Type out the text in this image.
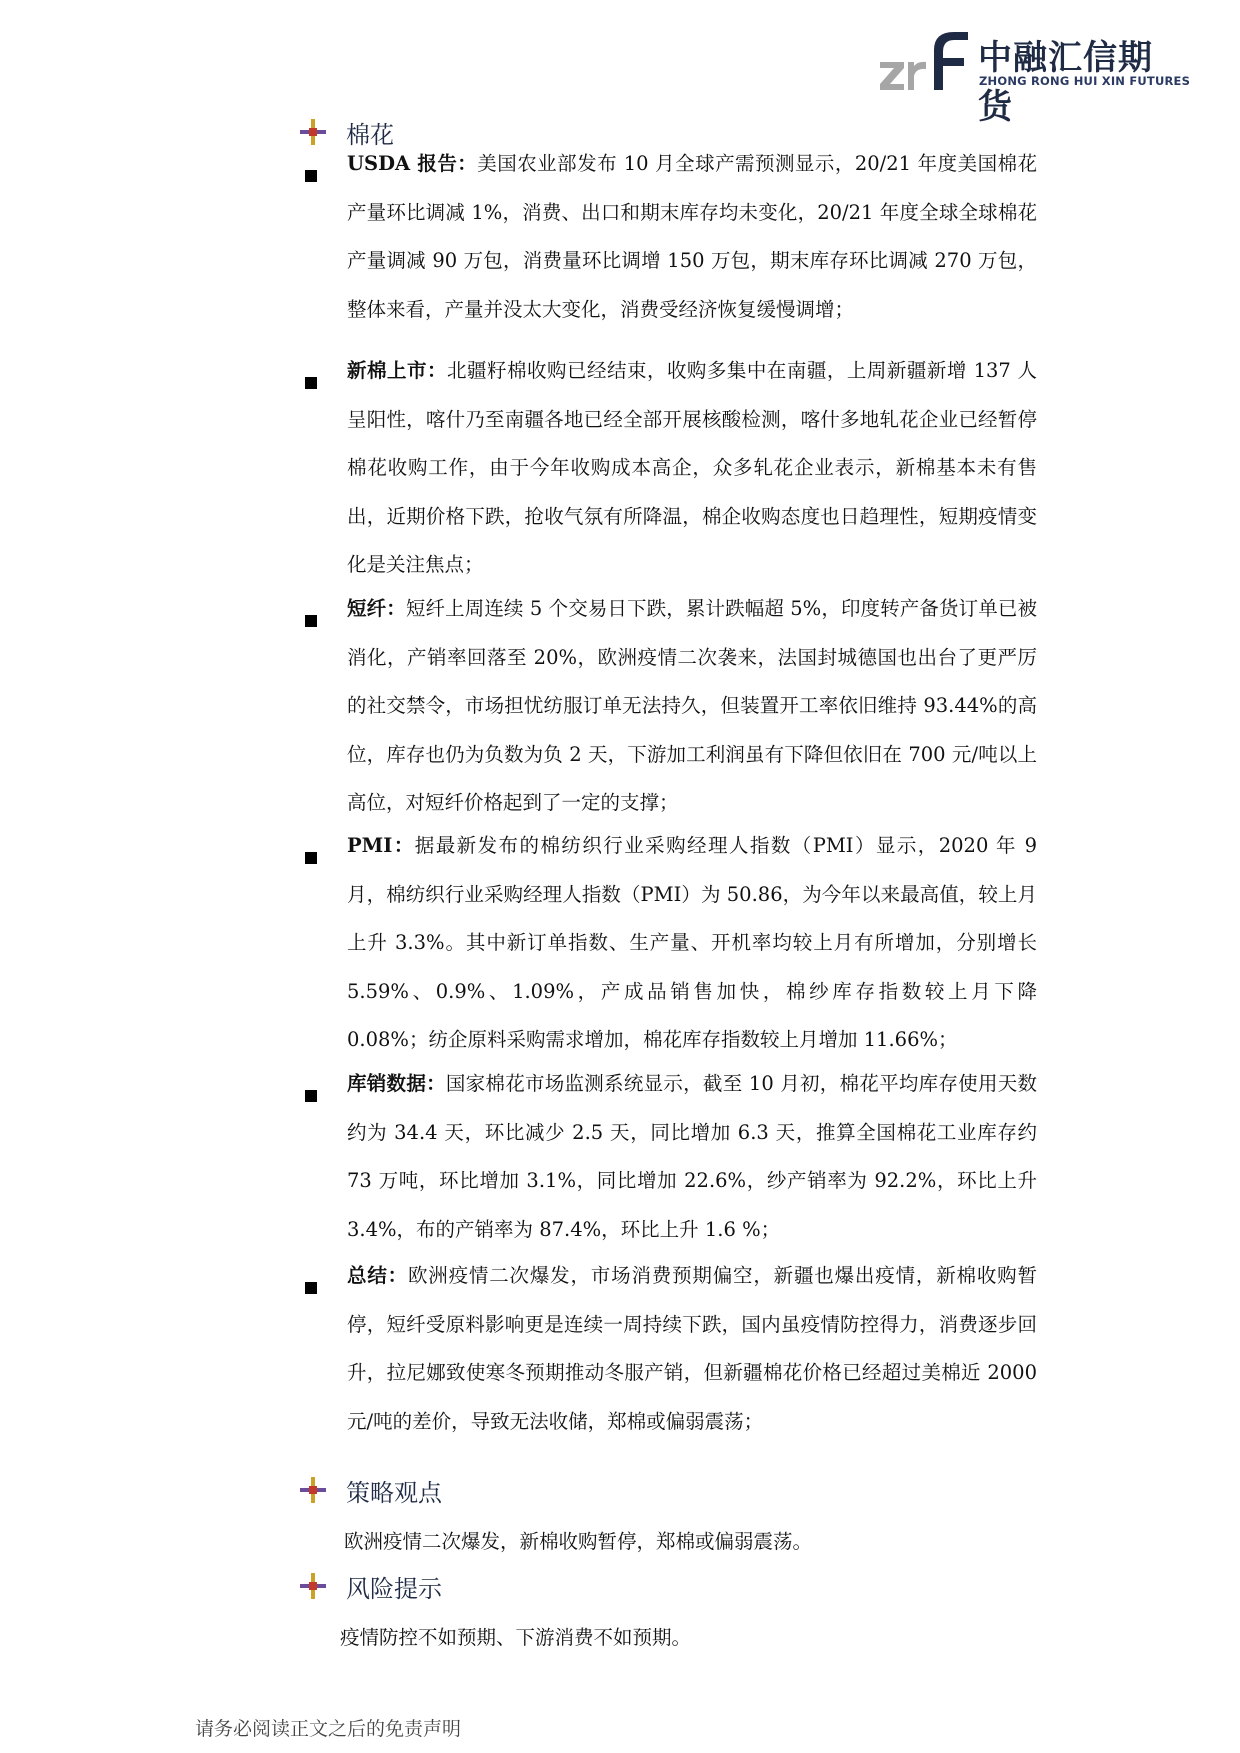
中融汇信期货
ZHONG RONG HUI XIN FUTURES
棉花

USDA 报告：美国农业部发布 10 月全球产需预测显示，20/21 年度美国棉花产量环比调减 1%，消费、出口和期末库存均未变化，20/21 年度全球全球棉花产量调减 90 万包，消费量环比调增 150 万包，期末库存环比调减 270 万包，整体来看，产量并没太大变化，消费受经济恢复缓慢调增；

新棉上市：北疆籽棉收购已经结束，收购多集中在南疆，上周新疆新增 137 人呈阳性，喀什乃至南疆各地已经全部开展核酸检测，喀什多地轧花企业已经暂停棉花收购工作，由于今年收购成本高企，众多轧花企业表示，新棉基本未有售出，近期价格下跌，抢收气氛有所降温，棉企收购态度也日趋理性，短期疫情变化是关注焦点；

短纤：短纤上周连续 5 个交易日下跌，累计跌幅超 5%，印度转产备货订单已被消化，产销率回落至 20%，欧洲疫情二次袭来，法国封城德国也出台了更严厉的社交禁令，市场担忧纺服订单无法持久，但装置开工率依旧维持 93.44%的高位，库存也仍为负数为负 2 天，下游加工利润虽有下降但依旧在 700 元/吨以上高位，对短纤价格起到了一定的支撑；

PMI：据最新发布的棉纺织行业采购经理人指数（PMI）显示，2020 年 9 月，棉纺织行业采购经理人指数（PMI）为 50.86，为今年以来最高值，较上月上升 3.3%。其中新订单指数、生产量、开机率均较上月有所增加，分别增长 5.59%、0.9%、1.09%，产成品销售加快，棉纱库存指数较上月下降 0.08%；纺企原料采购需求增加，棉花库存指数较上月增加 11.66%；

库销数据：国家棉花市场监测系统显示，截至 10 月初，棉花平均库存使用天数约为 34.4 天，环比减少 2.5 天，同比增加 6.3 天，推算全国棉花工业库存约 73 万吨，环比增加 3.1%，同比增加 22.6%，纱产销率为 92.2%，环比上升 3.4%，布的产销率为 87.4%，环比上升 1.6 %；

总结：欧洲疫情二次爆发，市场消费预期偏空，新疆也爆出疫情，新棉收购暂停，短纤受原料影响更是连续一周持续下跌，国内虽疫情防控得力，消费逐步回升，拉尼娜致使寒冬预期推动冬服产销，但新疆棉花价格已经超过美棉近 2000 元/吨的差价，导致无法收储，郑棉或偏弱震荡；

策略观点

欧洲疫情二次爆发，新棉收购暂停，郑棉或偏弱震荡。

风险提示

疫情防控不如预期、下游消费不如预期。

请务必阅读正文之后的免责声明
